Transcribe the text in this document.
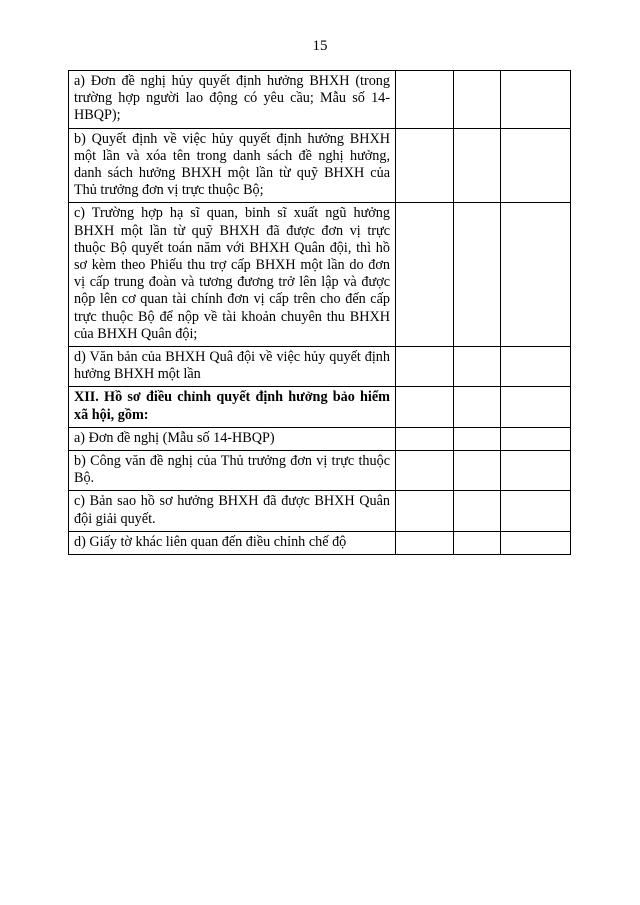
15
a) Đơn đề nghị hủy quyết định hưởng BHXH (trong trường hợp người lao động có yêu cầu; Mẫu số 14-HBQP);			
b) Quyết định về việc hủy quyết định hưởng BHXH một lần và xóa tên trong danh sách đề nghị hưởng, danh sách hưởng BHXH một lần từ quỹ BHXH của Thủ trưởng đơn vị trực thuộc Bộ;			
c) Trường hợp hạ sĩ quan, binh sĩ xuất ngũ hưởng BHXH một lần từ quỹ BHXH đã được đơn vị trực thuộc Bộ quyết toán năm với BHXH Quân đội, thì hồ sơ kèm theo Phiếu thu trợ cấp BHXH một lần do đơn vị cấp trung đoàn và tương đương trở lên lập và được nộp lên cơ quan tài chính đơn vị cấp trên cho đến cấp trực thuộc Bộ để nộp về tài khoản chuyên thu BHXH của BHXH Quân đội;			
d) Văn bản của BHXH Quâ đội về việc hủy quyết định hưởng BHXH một lần			
XII. Hồ sơ điều chỉnh quyết định hưởng bảo hiểm xã hội, gồm:			
a) Đơn đề nghị (Mẫu số 14-HBQP)			
b) Công văn đề nghị của Thủ trưởng đơn vị trực thuộc Bộ.			
c) Bản sao hồ sơ hưởng BHXH đã được BHXH Quân đội giải quyết.			
d) Giấy tờ khác liên quan đến điều chỉnh chế độ			
